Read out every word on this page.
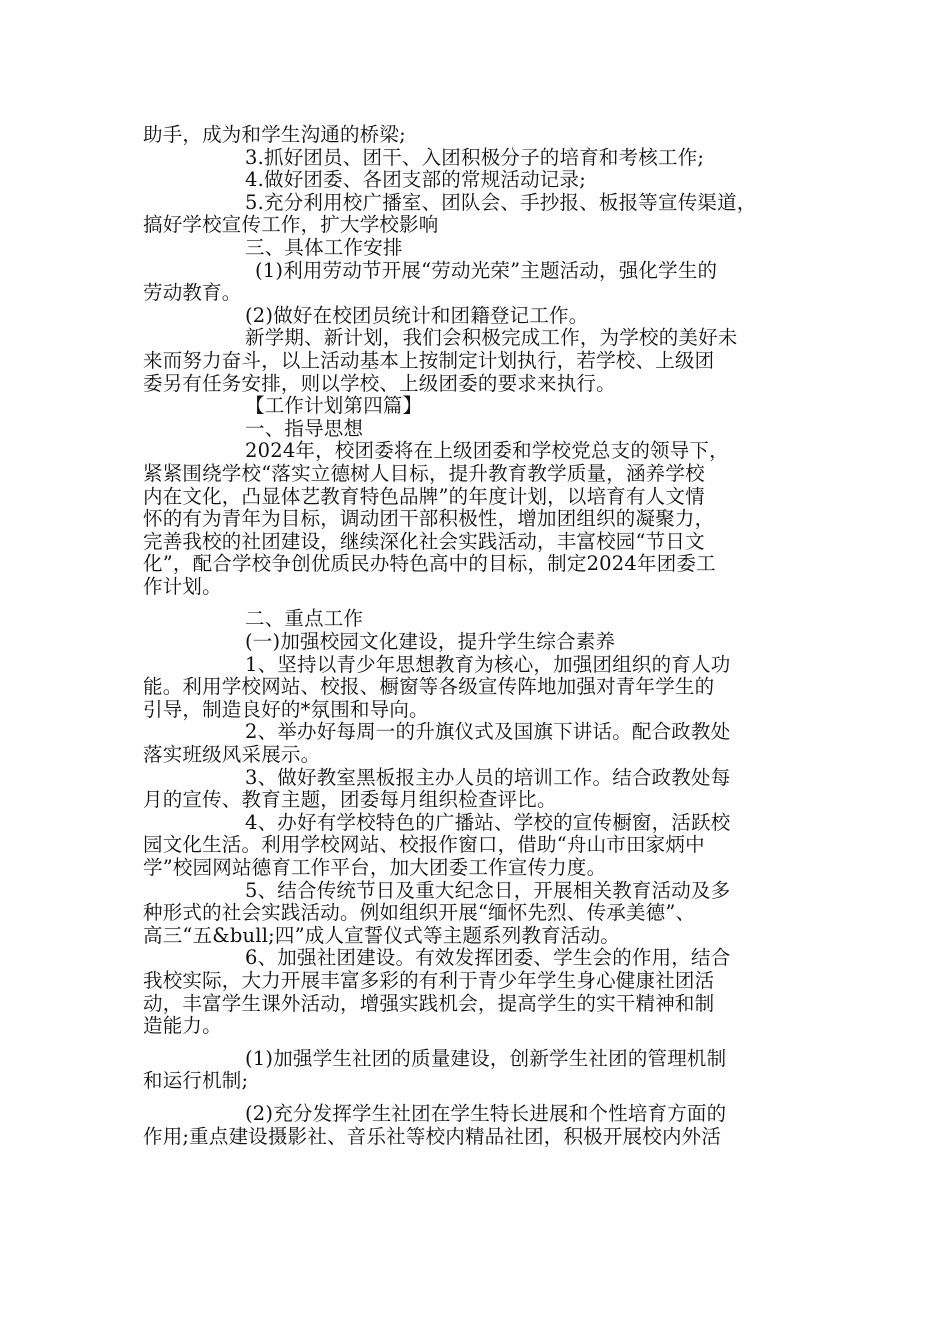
助手，成为和学生沟通的桥梁;
3.抓好团员、团干、入团积极分子的培育和考核工作;
4.做好团委、各团支部的常规活动记录;
5.充分利用校广播室、团队会、手抄报、板报等宣传渠道，
搞好学校宣传工作，扩大学校影响
三、具体工作安排
(1)利用劳动节开展“劳动光荣”主题活动，强化学生的
劳动教育。
(2)做好在校团员统计和团籍登记工作。
新学期、新计划，我们会积极完成工作，为学校的美好未
来而努力奋斗，以上活动基本上按制定计划执行，若学校、上级团
委另有任务安排，则以学校、上级团委的要求来执行。
【工作计划第四篇】
一、指导思想
2024年，校团委将在上级团委和学校党总支的领导下，
紧紧围绕学校“落实立德树人目标，提升教育教学质量，涵养学校
内在文化，凸显体艺教育特色品牌”的年度计划，以培育有人文情
怀的有为青年为目标，调动团干部积极性，增加团组织的凝聚力，
完善我校的社团建设，继续深化社会实践活动，丰富校园“节日文
化”，配合学校争创优质民办特色高中的目标，制定2024年团委工
作计划。
二、重点工作
(一)加强校园文化建设，提升学生综合素养
1、坚持以青少年思想教育为核心，加强团组织的育人功
能。利用学校网站、校报、橱窗等各级宣传阵地加强对青年学生的
引导，制造良好的*氛围和导向。
2、举办好每周一的升旗仪式及国旗下讲话。配合政教处
落实班级风采展示。
3、做好教室黑板报主办人员的培训工作。结合政教处每
月的宣传、教育主题，团委每月组织检查评比。
4、办好有学校特色的广播站、学校的宣传橱窗，活跃校
园文化生活。利用学校网站、校报作窗口，借助“舟山市田家炳中
学”校园网站德育工作平台，加大团委工作宣传力度。
5、结合传统节日及重大纪念日，开展相关教育活动及多
种形式的社会实践活动。例如组织开展“缅怀先烈、传承美德”、
高三“五&bull;四”成人宣誓仪式等主题系列教育活动。
6、加强社团建设。有效发挥团委、学生会的作用，结合
我校实际，大力开展丰富多彩的有利于青少年学生身心健康社团活
动，丰富学生课外活动，增强实践机会，提高学生的实干精神和制
造能力。
(1)加强学生社团的质量建设，创新学生社团的管理机制
和运行机制;
(2)充分发挥学生社团在学生特长进展和个性培育方面的
作用;重点建设摄影社、音乐社等校内精品社团，积极开展校内外活
